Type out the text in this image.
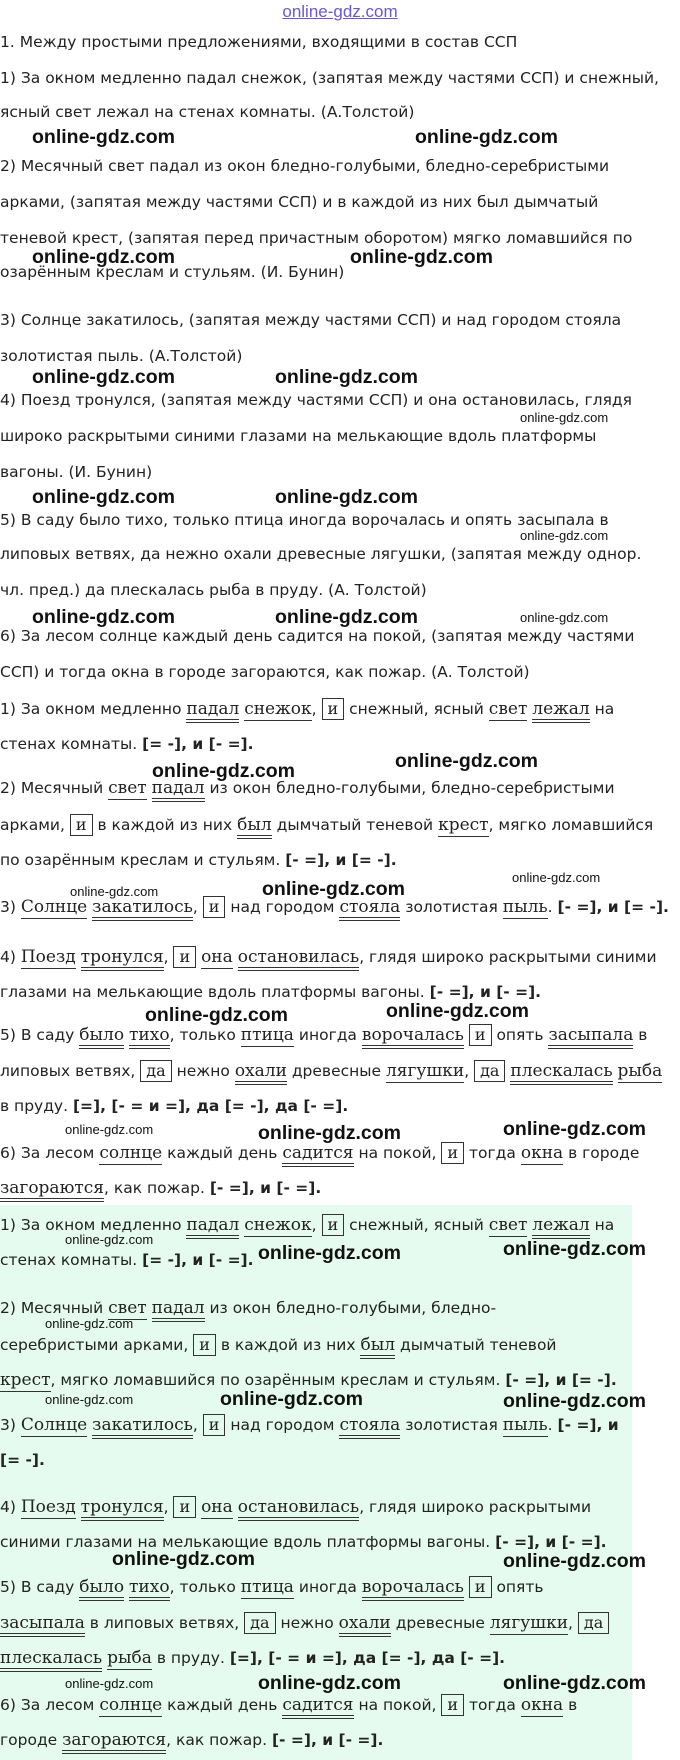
online-gdz.com
1. Между простыми предложениями, входящими в состав ССП
1) За окном медленно падал снежок, (запятая между частями ССП) и снежный,
ясный свет лежал на стенах комнаты. (А.Толстой)
2) Месячный свет падал из окон бледно-голубыми, бледно-серебристыми
арками, (запятая между частями ССП) и в каждой из них был дымчатый
теневой крест, (запятая перед причастным оборотом) мягко ломавшийся по
озарённым креслам и стульям. (И. Бунин)
3) Солнце закатилось, (запятая между частями ССП) и над городом стояла
золотистая пыль. (А.Толстой)
4) Поезд тронулся, (запятая между частями ССП) и она остановилась, глядя
широко раскрытыми синими глазами на мелькающие вдоль платформы
вагоны. (И. Бунин)
5) В саду было тихо, только птица иногда ворочалась и опять засыпала в
липовых ветвях, да нежно охали древесные лягушки, (запятая между однор.
чл. пред.) да плескалась рыба в пруду. (А. Толстой)
6) За лесом солнце каждый день садится на покой, (запятая между частями
ССП) и тогда окна в городе загораются, как пожар. (А. Толстой)
1) За окном медленно падал снежок, и снежный, ясный свет лежал на
стенах комнаты. [= -], и [- =].
2) Месячный свет падал из окон бледно-голубыми, бледно-серебристыми
арками, и в каждой из них был дымчатый теневой крест, мягко ломавшийся
по озарённым креслам и стульям. [- =], и [= -].
3) Солнце закатилось, и над городом стояла золотистая пыль. [- =], и [= -].
4) Поезд тронулся, и она остановилась, глядя широко раскрытыми синими
глазами на мелькающие вдоль платформы вагоны. [- =], и [- =].
5) В саду было тихо, только птица иногда ворочалась и опять засыпала в
липовых ветвях, да нежно охали древесные лягушки, да плескалась рыба
в пруду. [=], [- = и =], да [= -], да [- =].
6) За лесом солнце каждый день садится на покой, и тогда окна в городе
загораются, как пожар. [- =], и [- =].
1) За окном медленно падал снежок, и снежный, ясный свет лежал на
стенах комнаты. [= -], и [- =].
2) Месячный свет падал из окон бледно-голубыми, бледно-
серебристыми арками, и в каждой из них был дымчатый теневой
крест, мягко ломавшийся по озарённым креслам и стульям. [- =], и [= -].
3) Солнце закатилось, и над городом стояла золотистая пыль. [- =], и
[= -].
4) Поезд тронулся, и она остановилась, глядя широко раскрытыми
синими глазами на мелькающие вдоль платформы вагоны. [- =], и [- =].
5) В саду было тихо, только птица иногда ворочалась и опять
засыпала в липовых ветвях, да нежно охали древесные лягушки, да
плескалась рыба в пруду. [=], [- = и =], да [= -], да [- =].
6) За лесом солнце каждый день садится на покой, и тогда окна в
городе загораются, как пожар. [- =], и [- =].
online-gdz.com	online-gdz.com
online-gdz.com	online-gdz.com
online-gdz.com	online-gdz.com
online-gdz.com
online-gdz.com	online-gdz.com
online-gdz.com
online-gdz.com	online-gdz.com	online-gdz.com
online-gdz.com
online-gdz.com
online-gdz.com
online-gdz.com	online-gdz.com
online-gdz.com	online-gdz.com
online-gdz.com	online-gdz.com	online-gdz.com
online-gdz.com
online-gdz.com	online-gdz.com
online-gdz.com
online-gdz.com	online-gdz.com	online-gdz.com
online-gdz.com	online-gdz.com
online-gdz.com	online-gdz.com	online-gdz.com
